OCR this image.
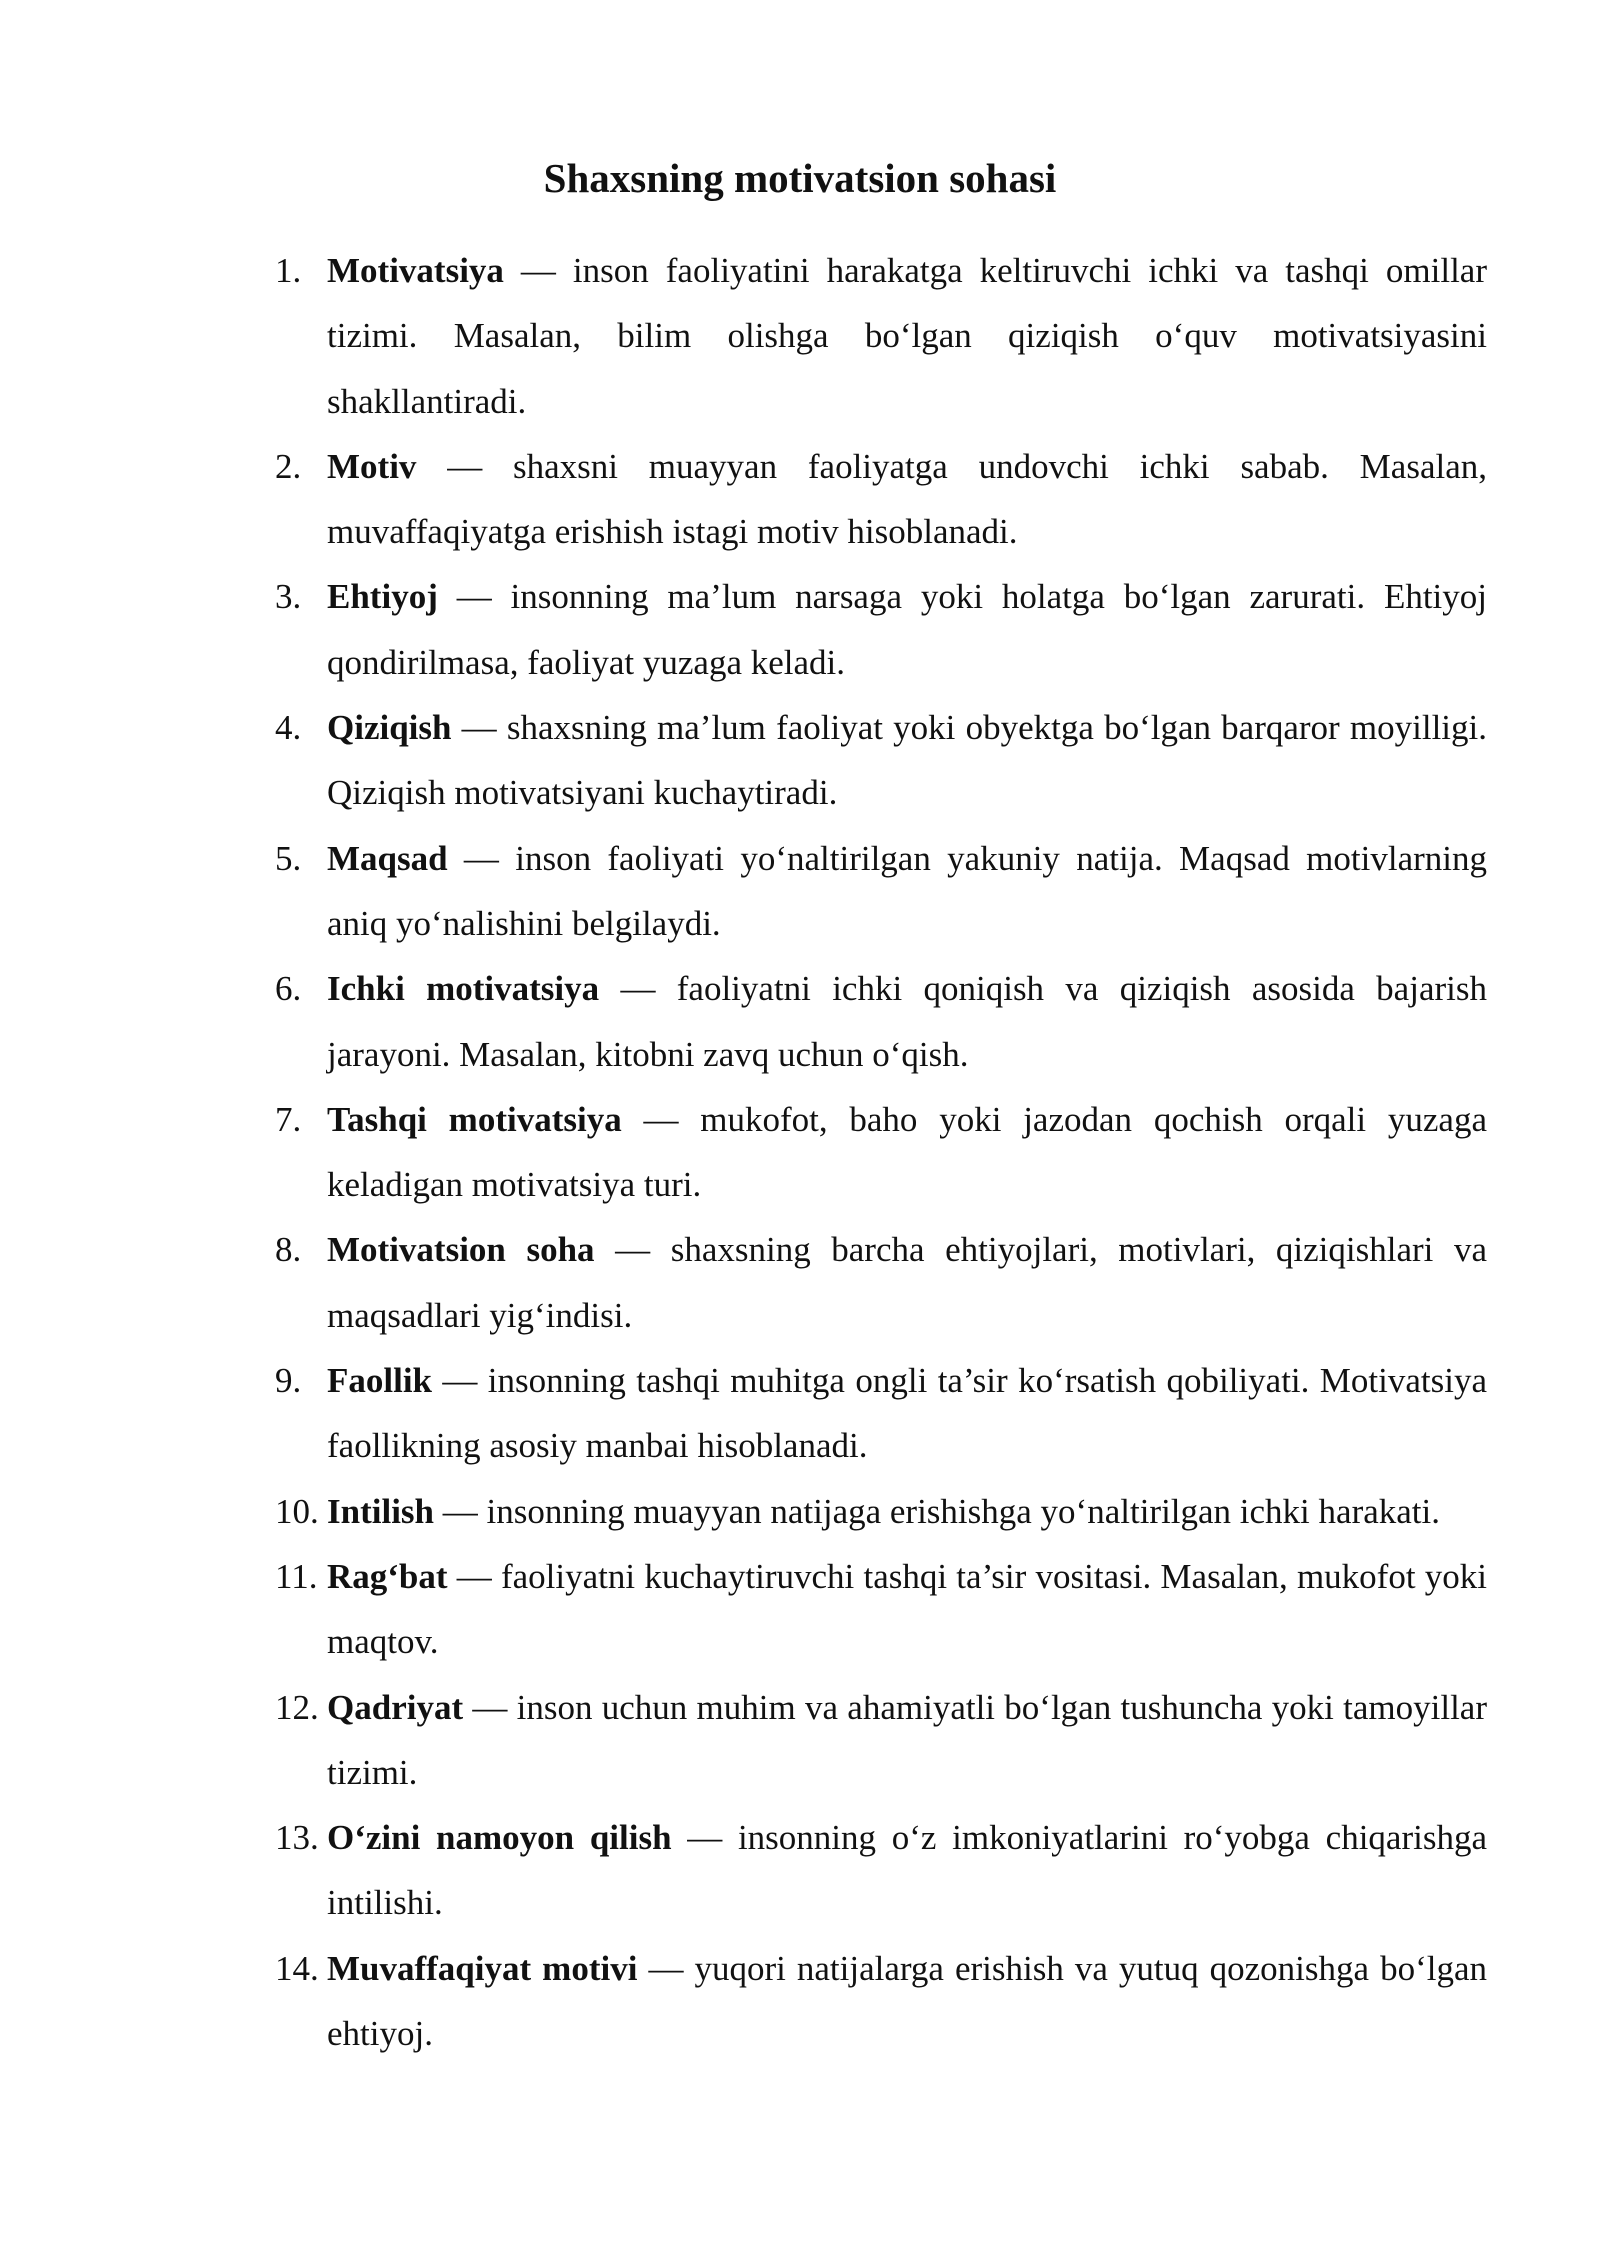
Shaxsning motivatsion sohasi
1. Motivatsiya — inson faoliyatini harakatga keltiruvchi ichki va tashqi omillar tizimi. Masalan, bilim olishga bo‘lgan qiziqish o‘quv motivatsiyasini shakllantiradi.
2. Motiv — shaxsni muayyan faoliyatga undovchi ichki sabab. Masalan, muvaffaqiyatga erishish istagi motiv hisoblanadi.
3. Ehtiyoj — insonning ma’lum narsaga yoki holatga bo‘lgan zarurati. Ehtiyoj qondirilmasa, faoliyat yuzaga keladi.
4. Qiziqish — shaxsning ma’lum faoliyat yoki obyektga bo‘lgan barqaror moyilligi. Qiziqish motivatsiyani kuchaytiradi.
5. Maqsad — inson faoliyati yo‘naltirilgan yakuniy natija. Maqsad motivlarning aniq yo‘nalishini belgilaydi.
6. Ichki motivatsiya — faoliyatni ichki qoniqish va qiziqish asosida bajarish jarayoni. Masalan, kitobni zavq uchun o‘qish.
7. Tashqi motivatsiya — mukofot, baho yoki jazodan qochish orqali yuzaga keladigan motivatsiya turi.
8. Motivatsion soha — shaxsning barcha ehtiyojlari, motivlari, qiziqishlari va maqsadlari yig‘indisi.
9. Faollik — insonning tashqi muhitga ongli ta’sir ko‘rsatish qobiliyati. Motivatsiya faollikning asosiy manbai hisoblanadi.
10. Intilish — insonning muayyan natijaga erishishga yo‘naltirilgan ichki harakati.
11. Rag‘bat — faoliyatni kuchaytiruvchi tashqi ta’sir vositasi. Masalan, mukofot yoki maqtov.
12. Qadriyat — inson uchun muhim va ahamiyatli bo‘lgan tushuncha yoki tamoyillar tizimi.
13. O‘zini namoyon qilish — insonning o‘z imkoniyatlarini ro‘yobga chiqarishga intilishi.
14. Muvaffaqiyat motivi — yuqori natijalarga erishish va yutuq qozonishga bo‘lgan ehtiyoj.
